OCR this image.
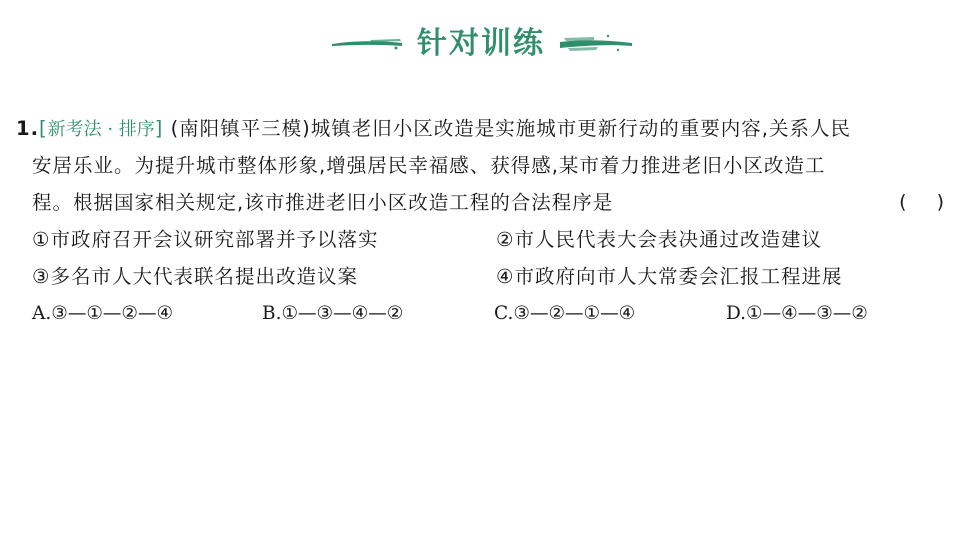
针对训练
1.[新考法 · 排序] (南阳镇平三模)城镇老旧小区改造是实施城市更新行动的重要内容,关系人民
安居乐业。为提升城市整体形象,增强居民幸福感、获得感,某市着力推进老旧小区改造工
程。根据国家相关规定,该市推进老旧小区改造工程的合法程序是	( )
①市政府召开会议研究部署并予以落实	②市人民代表大会表决通过改造建议
③多名市人大代表联名提出改造议案	④市政府向市人大常委会汇报工程进展
A.③—①—②—④	B.①—③—④—②	C.③—②—①—④	D.①—④—③—②
